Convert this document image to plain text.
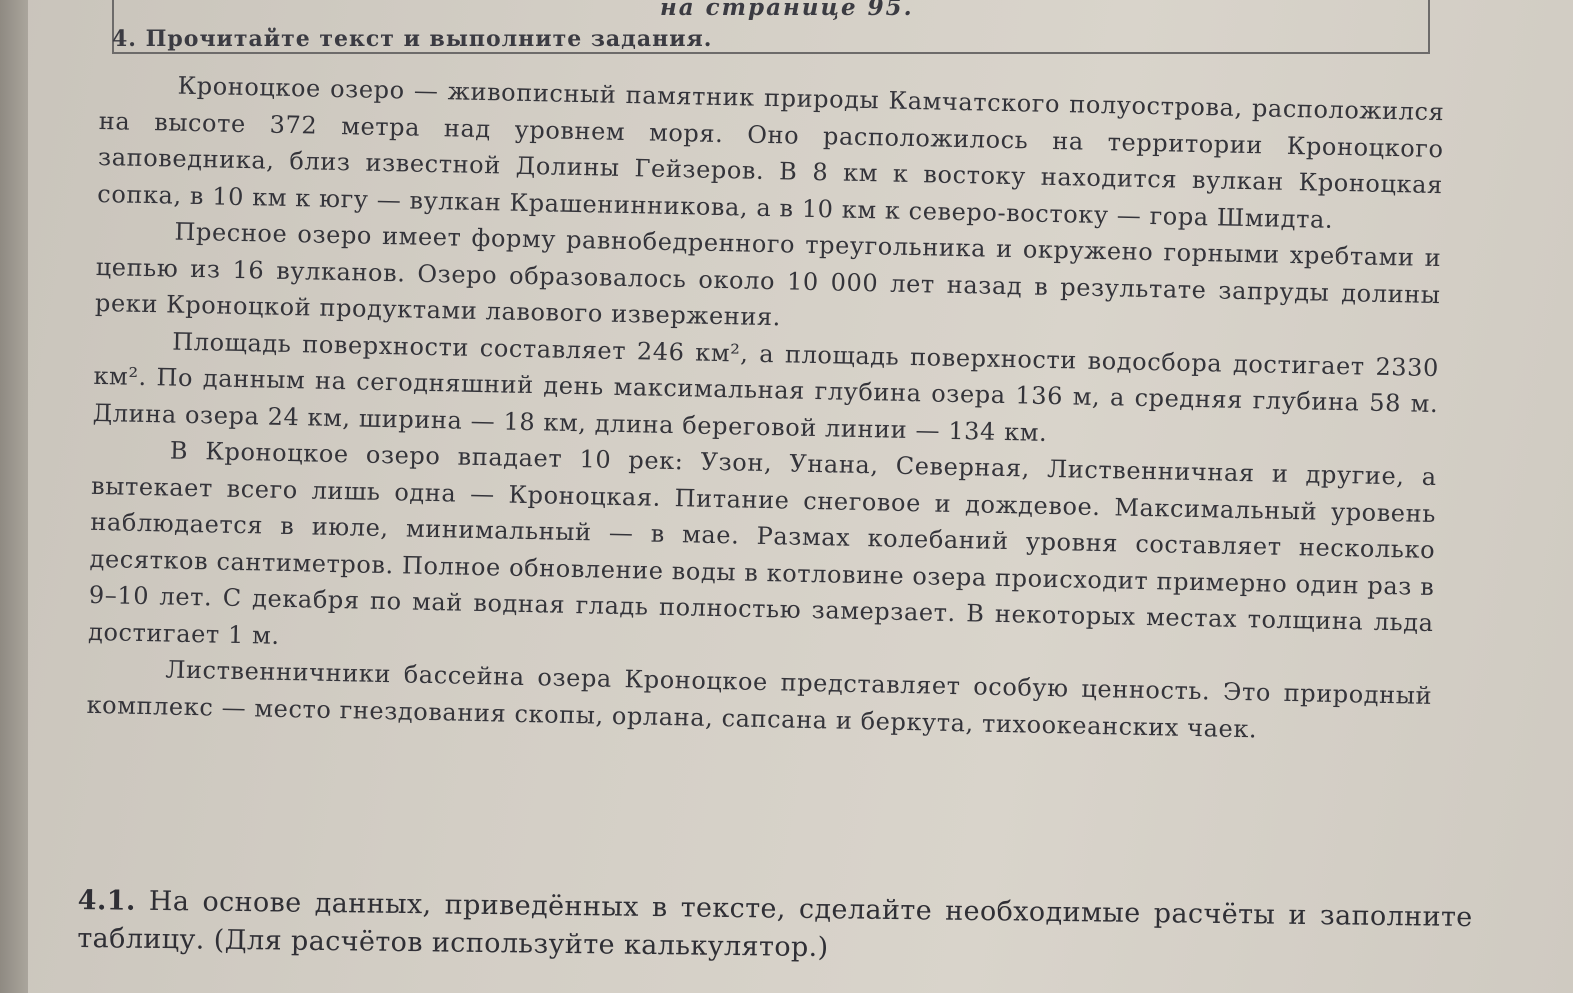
на странице 95.
4. Прочитайте текст и выполните задания.

Кроноцкое озеро — живописный памятник природы Камчатского полуострова, расположился на высоте 372 метра над уровнем моря. Оно расположилось на территории Кроноцкого заповедника, близ известной Долины Гейзеров. В 8 км к востоку находится вулкан Кроноцкая сопка, в 10 км к югу — вулкан Крашенинникова, а в 10 км к северо-востоку — гора Шмидта.

Пресное озеро имеет форму равнобедренного треугольника и окружено горными хребтами и цепью из 16 вулканов. Озеро образовалось около 10 000 лет назад в результате запруды долины реки Кроноцкой продуктами лавового извержения.

Площадь поверхности составляет 246 км², а площадь поверхности водосбора достигает 2330 км². По данным на сегодняшний день максимальная глубина озера 136 м, а средняя глубина 58 м. Длина озера 24 км, ширина — 18 км, длина береговой линии — 134 км.

В Кроноцкое озеро впадает 10 рек: Узон, Унана, Северная, Лиственничная и другие, а вытекает всего лишь одна — Кроноцкая. Питание снеговое и дождевое. Максимальный уровень наблюдается в июле, минимальный — в мае. Размах колебаний уровня составляет несколько десятков сантиметров. Полное обновление воды в котловине озера происходит примерно один раз в 9–10 лет. С декабря по май водная гладь полностью замерзает. В некоторых местах толщина льда достигает 1 м.

Лиственничники бассейна озера Кроноцкое представляет особую ценность. Это природный комплекс — место гнездования скопы, орлана, сапсана и беркута, тихоокеанских чаек.

4.1. На основе данных, приведённых в тексте, сделайте необходимые расчёты и заполните таблицу. (Для расчётов используйте калькулятор.)
